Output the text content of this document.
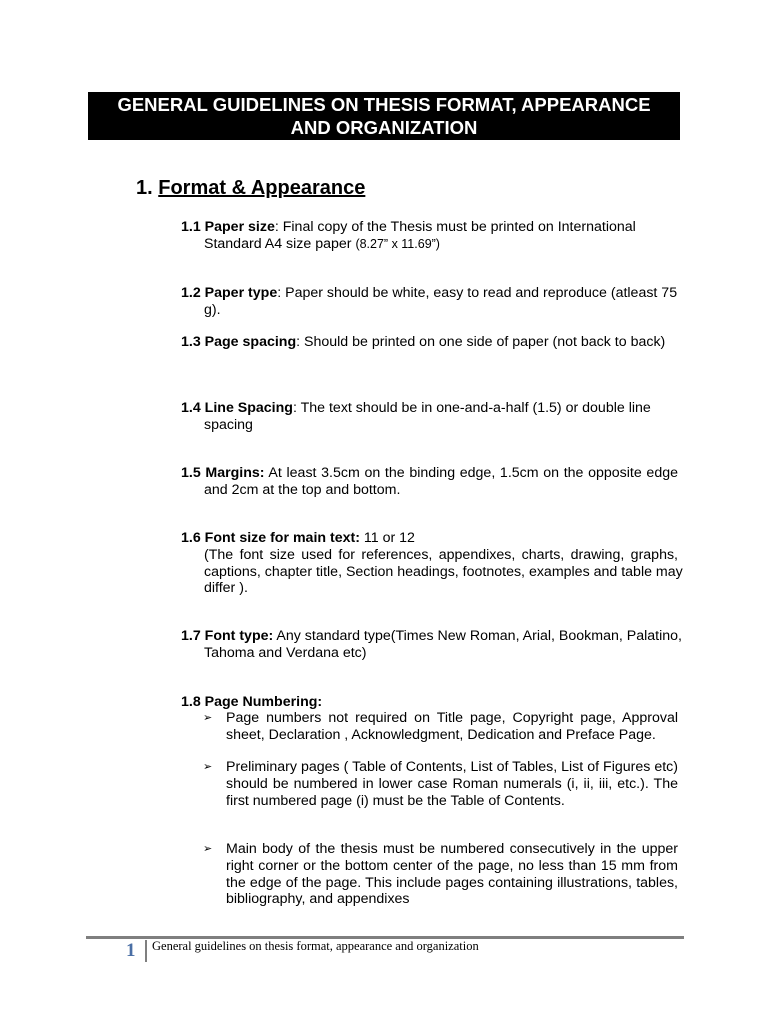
GENERAL GUIDELINES ON THESIS FORMAT, APPEARANCE
AND ORGANIZATION
1. Format & Appearance
1.1 Paper size: Final copy of the Thesis must be printed on International
Standard A4 size paper (8.27” x 11.69”)
1.2 Paper type: Paper should be white, easy to read and reproduce (atleast 75
g).
1.3 Page spacing: Should be printed on one side of paper (not back to back)
1.4 Line Spacing: The text should be in one-and-a-half (1.5) or double line
spacing
1.5 Margins: At least 3.5cm on the binding edge, 1.5cm on the opposite edge
and 2cm at the top and bottom.
1.6 Font size for main text: 11 or 12
(The font size used for references, appendixes, charts, drawing, graphs,
captions, chapter title, Section headings, footnotes, examples and table may
differ ).
1.7 Font type: Any standard type(Times New Roman, Arial, Bookman, Palatino,
Tahoma and Verdana etc)
1.8 Page Numbering:
➢ Page numbers not required on Title page, Copyright page, Approval
sheet, Declaration , Acknowledgment, Dedication and Preface Page.
➢ Preliminary pages ( Table of Contents, List of Tables, List of Figures etc)
should be numbered in lower case Roman numerals (i, ii, iii, etc.). The
first numbered page (i) must be the Table of Contents.
➢ Main body of the thesis must be numbered consecutively in the upper
right corner or the bottom center of the page, no less than 15 mm from
the edge of the page. This include pages containing illustrations, tables,
bibliography, and appendixes
1 General guidelines on thesis format, appearance and organization
